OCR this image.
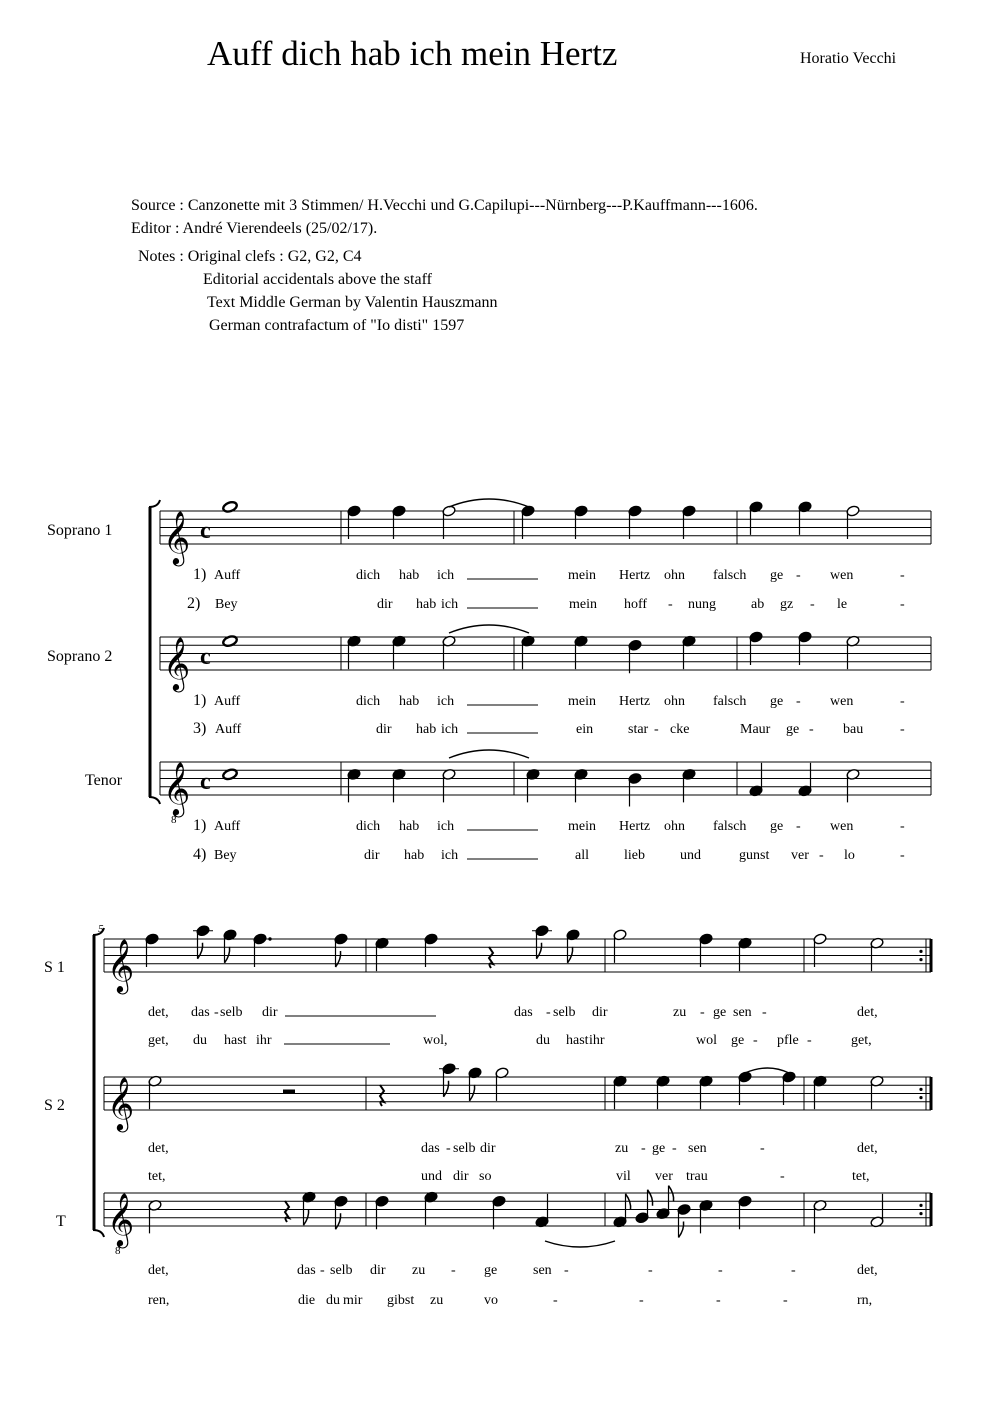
Auff dich hab ich mein Hertz	Horatio Vecchi
Source : Canzonette mit 3 Stimmen/ H.Vecchi und G.Capilupi---Nürnberg---P.Kauffmann---1606.
Editor : André Vierendeels (25/02/17).
Notes : Original clefs : G2, G2, C4
Editorial accidentals above the staff
Text Middle German by Valentin Hauszmann
German contrafactum of "Io disti" 1597
𝄞 c
𝄞 c
𝄞
8
c
𝄞
𝄞
𝄞
8
Soprano 1
Soprano 2
Tenor
S 1
S 2
T
5
1) Auff	dich hab ich	mein Hertz ohn falsch ge - wen	-
2) Bey	dir hab ich	mein hoff - nung	ab gz - le	-
1) Auff	dich hab ich	mein Hertz ohn falsch ge - wen	-
3) Auff	dir hab ich	ein star - cke	Maur ge - bau	-
1) Auff	dich hab ich	mein Hertz ohn falsch ge - wen	-
4) Bey	dir hab ich	all	lieb	und	gunst ver - lo	-
det, das - selb dir	das - selb dir	zu - ge sen -	det,
get, du hast ihr	wol,	du hast ihr	wol ge - pfle -	get,
det,	das - selb dir	zu - ge - sen	-	det,
tet,	und dir so	vil ver trau	-	tet,
det,	das - selb dir zu - ge	sen -	-	-	-	det,
ren,	die du mir gibst zu	vo	-	-	-	-	rn,
